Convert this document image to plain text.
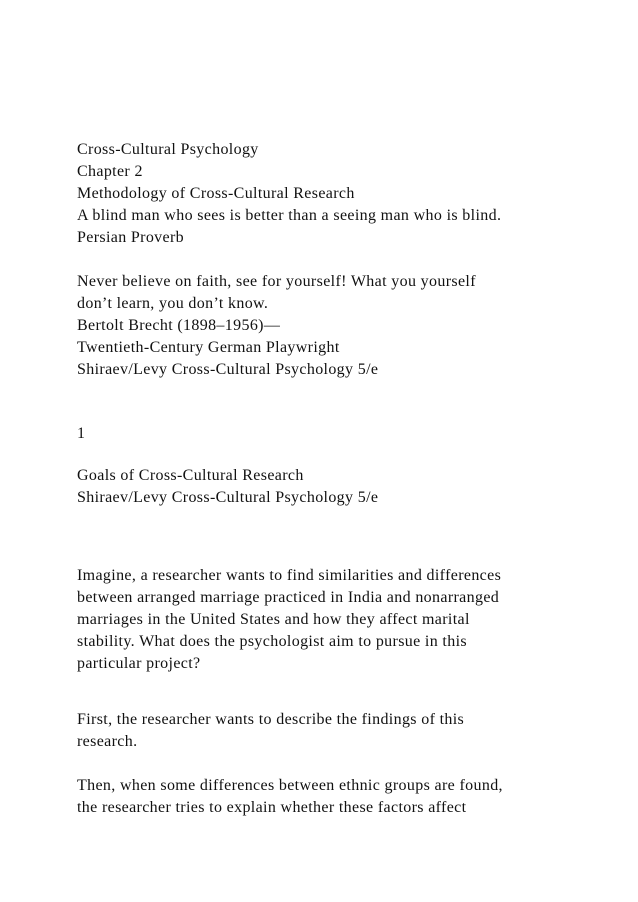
Cross-Cultural Psychology
Chapter 2
Methodology of Cross-Cultural Research
A blind man who sees is better than a seeing man who is blind.
Persian Proverb
Never believe on faith, see for yourself! What you yourself
don’t learn, you don’t know.
Bertolt Brecht (1898–1956)—
Twentieth-Century German Playwright
Shiraev/Levy Cross-Cultural Psychology 5/e
1
Goals of Cross-Cultural Research
Shiraev/Levy Cross-Cultural Psychology 5/e
Imagine, a researcher wants to find similarities and differences
between arranged marriage practiced in India and nonarranged
marriages in the United States and how they affect marital
stability. What does the psychologist aim to pursue in this
particular project?
First, the researcher wants to describe the findings of this
research.
Then, when some differences between ethnic groups are found,
the researcher tries to explain whether these factors affect
